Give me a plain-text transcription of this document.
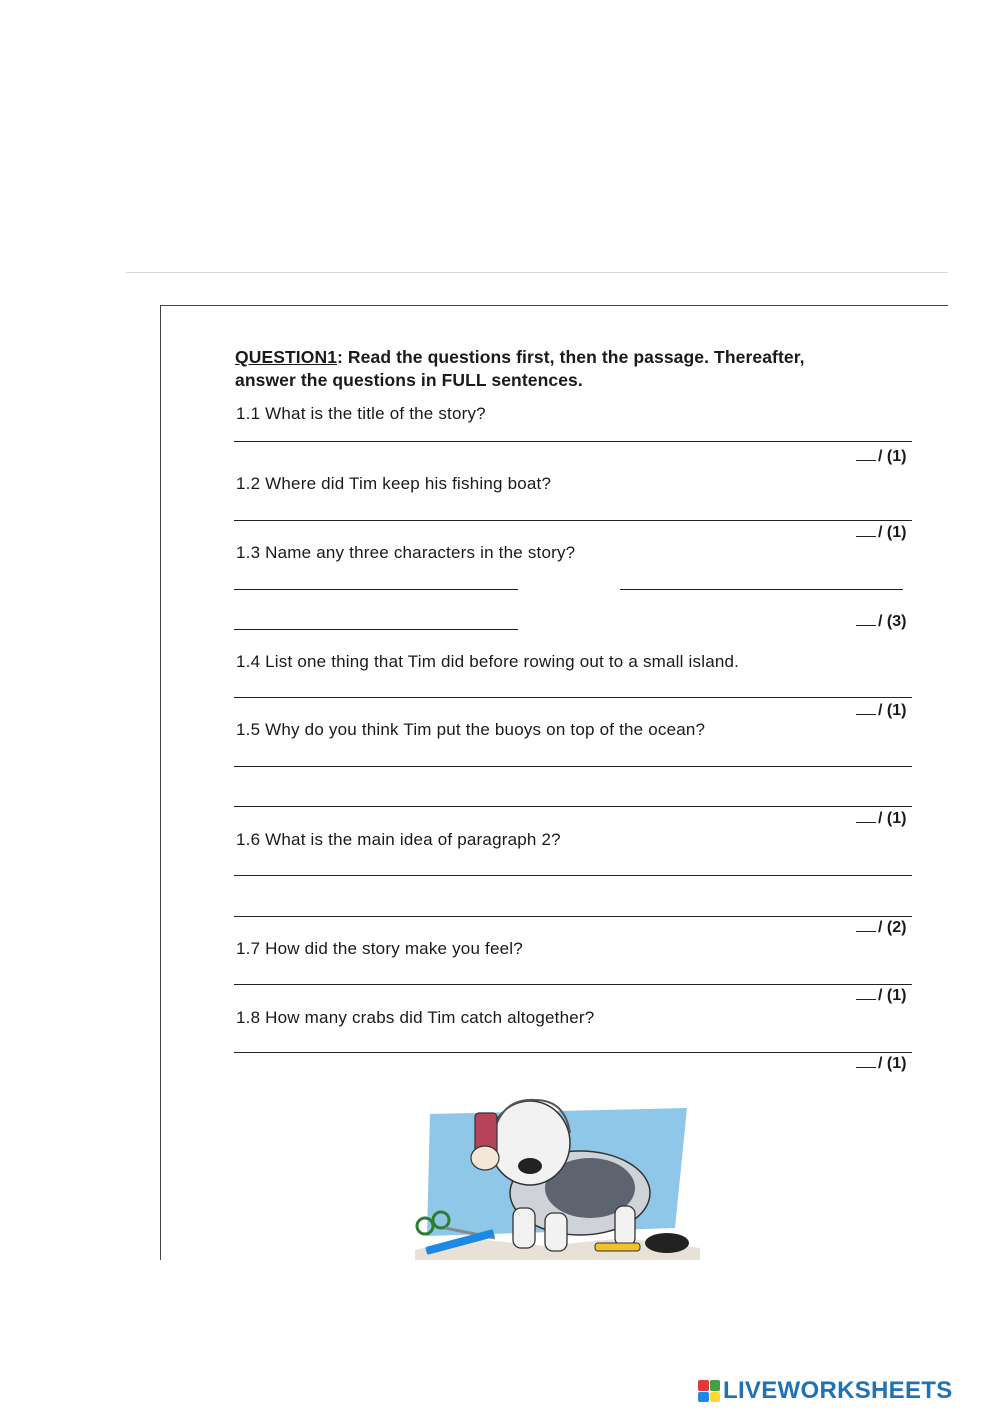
QUESTION1: Read the questions first, then the passage. Thereafter,
answer the questions in FULL sentences.
1.1 What is the title of the story?
/ (1)
1.2 Where did Tim keep his fishing boat?
/ (1)
1.3 Name any three characters in the story?
/ (3)
1.4 List one thing that Tim did before rowing out to a small island.
/ (1)
1.5 Why do you think Tim put the buoys on top of the ocean?
/ (1)
1.6 What is the main idea of paragraph 2?
/ (2)
1.7 How did the story make you feel?
/ (1)
1.8 How many crabs did Tim catch altogether?
/ (1)
LIVEWORKSHEETS
